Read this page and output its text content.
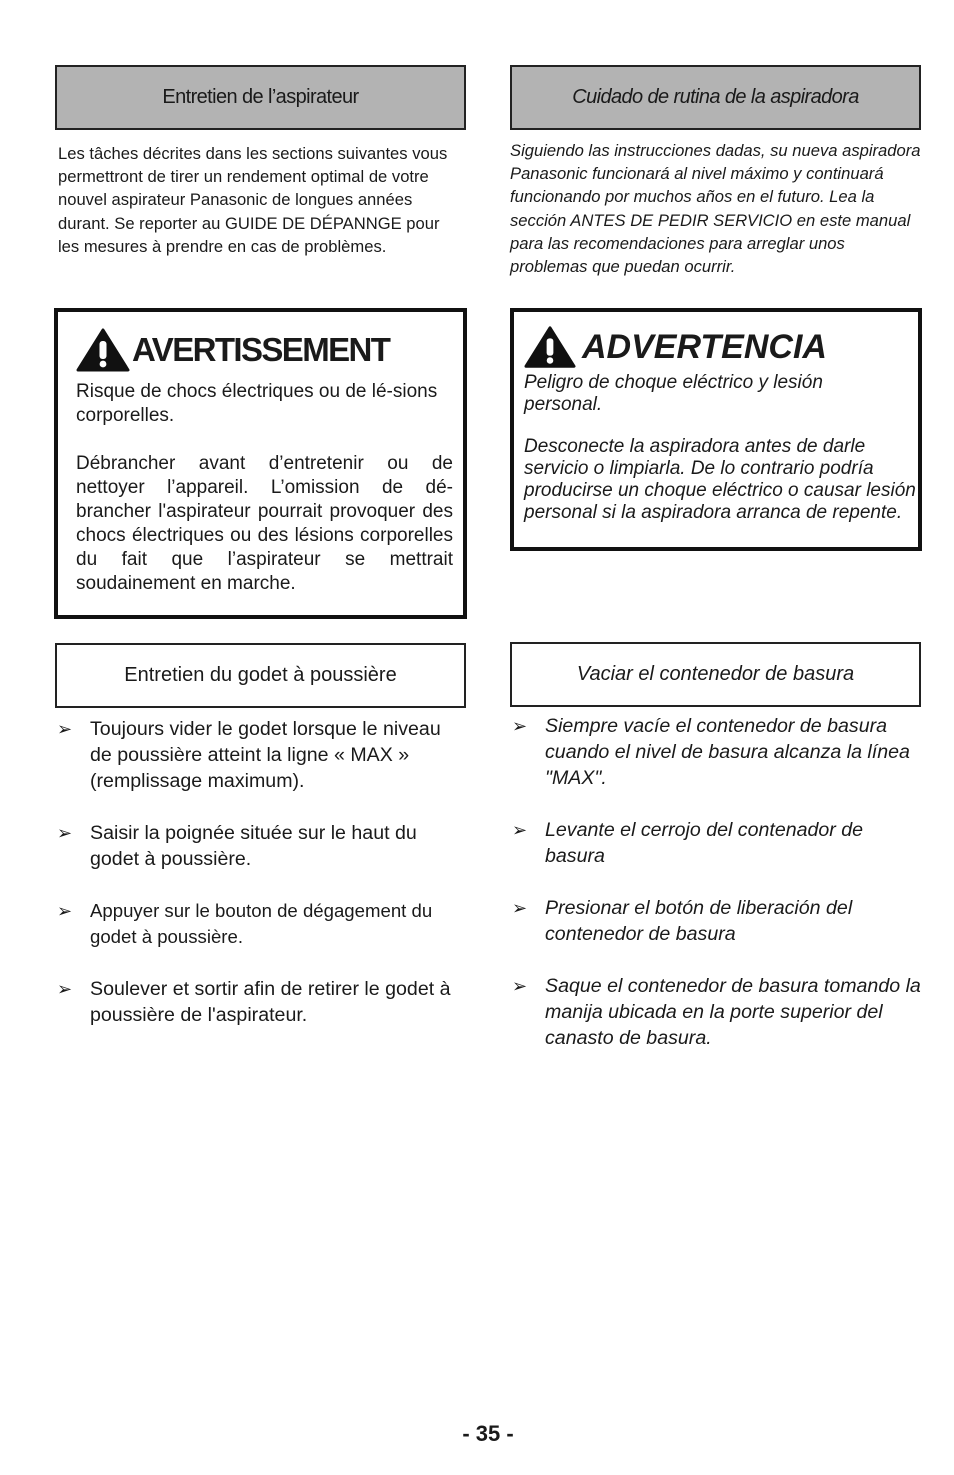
Entretien de l’aspirateur

Les tâches décrites dans les sections suivantes vous permettront de tirer un rendement optimal de votre nouvel aspirateur Panasonic de longues années durant. Se reporter au GUIDE DE DÉPANNGE pour les mesures à prendre en cas de problèmes.

AVERTISSEMENT

Risque de chocs électriques ou de lé-sions corporelles.

Débrancher avant d’entretenir ou de nettoyer l’appareil. L’omission de dé-brancher l'aspirateur pourrait provoquer des chocs électriques ou des lésions corporelles du fait que l’aspirateur se mettrait soudainement en marche.

Entretien du godet à poussière
➢ Toujours vider le godet lorsque le niveau de poussière atteint la ligne « MAX » (remplissage maximum).
➢ Saisir la poignée située sur le haut du godet à poussière.
➢ Appuyer sur le bouton de dégagement du godet à poussière.
➢ Soulever et sortir afin de retirer le godet à poussière de l'aspirateur.
Cuidado de rutina de la aspiradora

Siguiendo las instrucciones dadas, su nueva aspiradora Panasonic funcionará al nivel máximo y continuará funcionando por muchos años en el futuro. Lea la sección ANTES DE PEDIR SERVICIO en este manual para las recomendaciones para arreglar unos problemas que puedan ocurrir.

ADVERTENCIA

Peligro de choque eléctrico y lesión personal.

Desconecte la aspiradora antes de darle servicio o limpiarla. De lo contrario podría producirse un choque eléctrico o causar lesión personal si la aspiradora arranca de repente.

Vaciar el contenedor de basura
➢ Siempre vacíe el contenedor de basura cuando el nivel de basura alcanza la línea "MAX".
➢ Levante el cerrojo del contenador de basura
➢ Presionar el botón de liberación del contenedor de basura
➢ Saque el contenedor de basura tomando la manija ubicada en la porte superior del canasto de basura.
- 35 -
